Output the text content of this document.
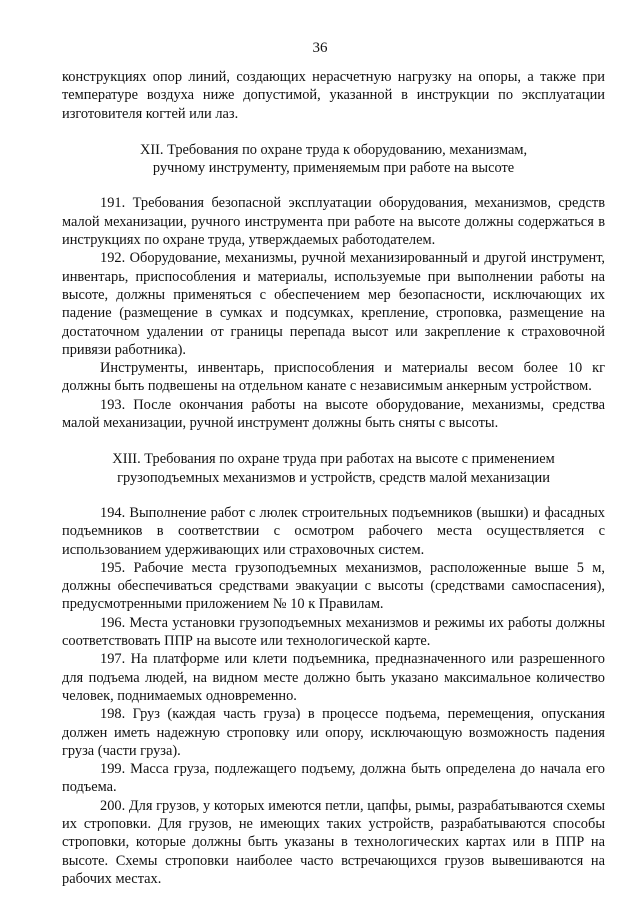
36

конструкциях опор линий, создающих нерасчетную нагрузку на опоры, а также при температуре воздуха ниже допустимой, указанной в инструкции по эксплуатации изготовителя когтей или лаз.

XII. Требования по охране труда к оборудованию, механизмам,
ручному инструменту, применяемым при работе на высоте

191. Требования безопасной эксплуатации оборудования, механизмов, средств малой механизации, ручного инструмента при работе на высоте должны содержаться в инструкциях по охране труда, утверждаемых работодателем.

192. Оборудование, механизмы, ручной механизированный и другой инструмент, инвентарь, приспособления и материалы, используемые при выполнении работы на высоте, должны применяться с обеспечением мер безопасности, исключающих их падение (размещение в сумках и подсумках, крепление, строповка, размещение на достаточном удалении от границы перепада высот или закрепление к страховочной привязи работника).

Инструменты, инвентарь, приспособления и материалы весом более 10 кг должны быть подвешены на отдельном канате с независимым анкерным устройством.

193. После окончания работы на высоте оборудование, механизмы, средства малой механизации, ручной инструмент должны быть сняты с высоты.

XIII. Требования по охране труда при работах на высоте с применением
грузоподъемных механизмов и устройств, средств малой механизации

194. Выполнение работ с люлек строительных подъемников (вышки) и фасадных подъемников в соответствии с осмотром рабочего места осуществляется с использованием удерживающих или страховочных систем.

195. Рабочие места грузоподъемных механизмов, расположенные выше 5 м, должны обеспечиваться средствами эвакуации с высоты (средствами самоспасения), предусмотренными приложением № 10 к Правилам.

196. Места установки грузоподъемных механизмов и режимы их работы должны соответствовать ППР на высоте или технологической карте.

197. На платформе или клети подъемника, предназначенного или разрешенного для подъема людей, на видном месте должно быть указано максимальное количество человек, поднимаемых одновременно.

198. Груз (каждая часть груза) в процессе подъема, перемещения, опускания должен иметь надежную строповку или опору, исключающую возможность падения груза (части груза).

199. Масса груза, подлежащего подъему, должна быть определена до начала его подъема.

200. Для грузов, у которых имеются петли, цапфы, рымы, разрабатываются схемы их строповки. Для грузов, не имеющих таких устройств, разрабатываются способы строповки, которые должны быть указаны в технологических картах или в ППР на высоте. Схемы строповки наиболее часто встречающихся грузов вывешиваются на рабочих местах.
